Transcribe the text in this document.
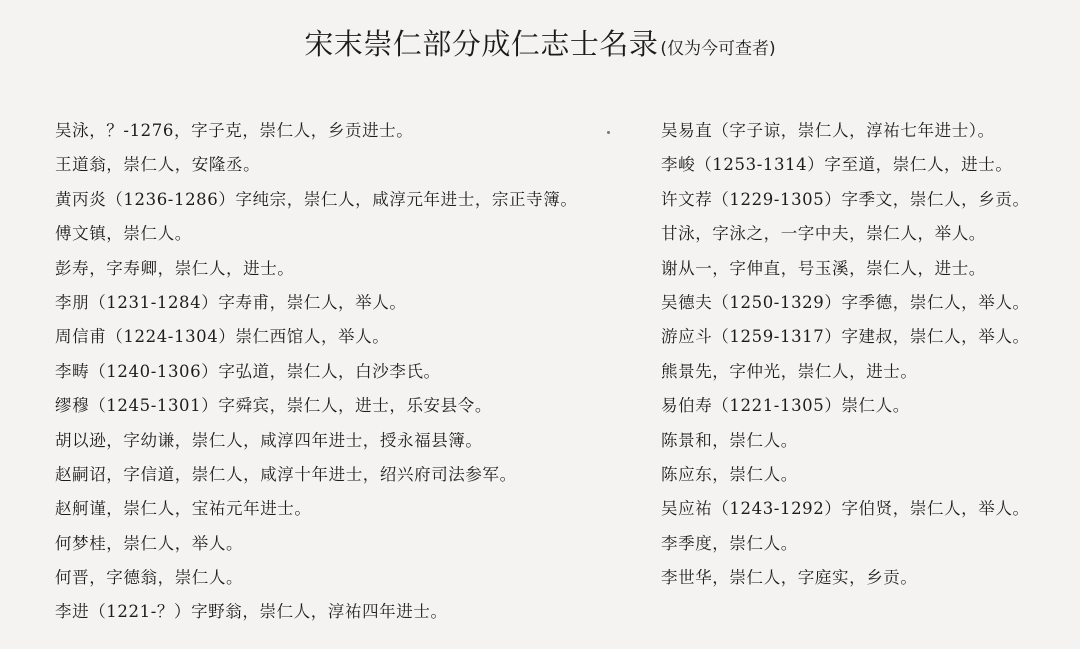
宋末崇仁部分成仁志士名录 (仅为今可查者)
吴泳，？-1276，字子克，崇仁人，乡贡进士。
王道翁，崇仁人，安隆丞。
黄丙炎（1236-1286）字纯宗，崇仁人，咸淳元年进士，宗正寺簿。
傅文镇，崇仁人。
彭寿，字寿卿，崇仁人，进士。
李朋（1231-1284）字寿甫，崇仁人，举人。
周信甫（1224-1304）崇仁西馆人，举人。
李畴（1240-1306）字弘道，崇仁人，白沙李氏。
缪穆（1245-1301）字舜宾，崇仁人，进士，乐安县令。
胡以逊，字幼谦，崇仁人，咸淳四年进士，授永福县簿。
赵嗣诏，字信道，崇仁人，咸淳十年进士，绍兴府司法参军。
赵舸谨，崇仁人，宝祐元年进士。
何梦桂，崇仁人，举人。
何晋，字德翁，崇仁人。
李进（1221-？）字野翁，崇仁人，淳祐四年进士。
吴易直（字子谅，崇仁人，淳祐七年进士）。
李峻（1253-1314）字至道，崇仁人，进士。
许文荐（1229-1305）字季文，崇仁人，乡贡。
甘泳，字泳之，一字中夫，崇仁人，举人。
谢从一，字伸直，号玉溪，崇仁人，进士。
吴德夫（1250-1329）字季德，崇仁人，举人。
游应斗（1259-1317）字建叔，崇仁人，举人。
熊景先，字仲光，崇仁人，进士。
易伯寿（1221-1305）崇仁人。
陈景和，崇仁人。
陈应东，崇仁人。
吴应祐（1243-1292）字伯贤，崇仁人，举人。
李季度，崇仁人。
李世华，崇仁人，字庭实，乡贡。
